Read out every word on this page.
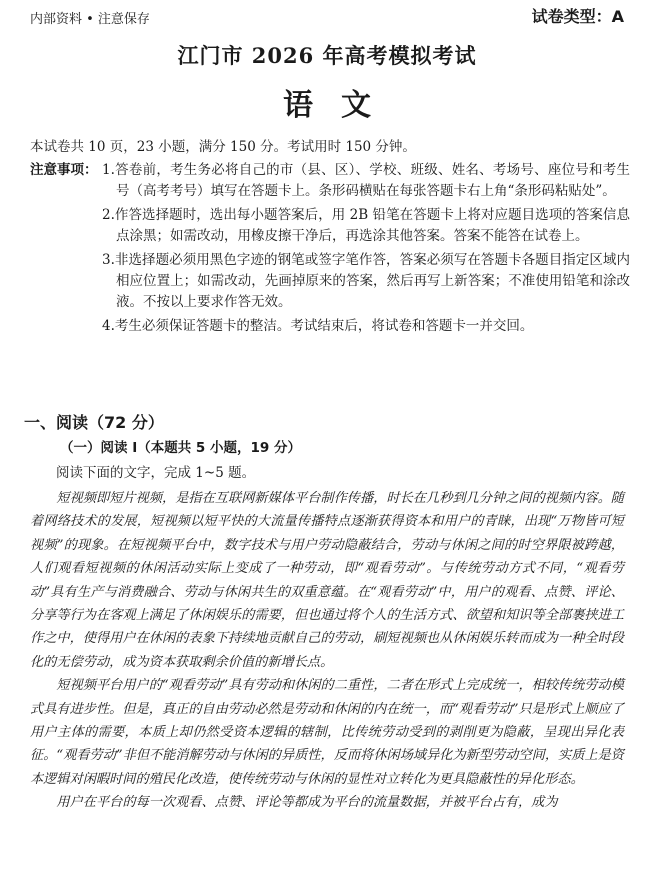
内部资料 • 注意保存	试卷类型：A
江门市 2026 年高考模拟考试
语文
本试卷共 10 页，23 小题，满分 150 分。考试用时 150 分钟。
注意事项： 1.答卷前，考生务必将自己的市（县、区）、学校、班级、姓名、考场号、座位号和考生号（高考考号）填写在答题卡上。条形码横贴在每张答题卡右上角“条形码粘贴处”。
2.作答选择题时，选出每小题答案后，用 2B 铅笔在答题卡上将对应题目选项的答案信息点涂黑；如需改动，用橡皮擦干净后，再选涂其他答案。答案不能答在试卷上。
3.非选择题必须用黑色字迹的钢笔或签字笔作答，答案必须写在答题卡各题目指定区域内相应位置上；如需改动，先画掉原来的答案，然后再写上新答案；不准使用铅笔和涂改液。不按以上要求作答无效。
4.考生必须保证答题卡的整洁。考试结束后，将试卷和答题卡一并交回。
一、阅读（72 分）
（一）阅读 I（本题共 5 小题，19 分）
阅读下面的文字，完成 1~5 题。

短视频即短片视频，是指在互联网新媒体平台制作传播，时长在几秒到几分钟之间的视频内容。随着网络技术的发展，短视频以短平快的大流量传播特点逐渐获得资本和用户的青睐，出现“万物皆可短视频”的现象。在短视频平台中，数字技术与用户劳动隐蔽结合，劳动与休闲之间的时空界限被跨越，人们观看短视频的休闲活动实际上变成了一种劳动，即“观看劳动”。与传统劳动方式不同，“观看劳动”具有生产与消费融合、劳动与休闲共生的双重意蕴。在“观看劳动”中，用户的观看、点赞、评论、分享等行为在客观上满足了休闲娱乐的需要，但也通过将个人的生活方式、欲望和知识等全部裹挟进工作之中，使得用户在休闲的表象下持续地贡献自己的劳动，刷短视频也从休闲娱乐转而成为一种全时段化的无偿劳动，成为资本获取剩余价值的新增长点。

短视频平台用户的“观看劳动”具有劳动和休闲的二重性，二者在形式上完成统一，相较传统劳动模式具有进步性。但是，真正的自由劳动必然是劳动和休闲的内在统一，而“观看劳动”只是形式上顺应了用户主体的需要，本质上却仍然受资本逻辑的辖制，比传统劳动受到的剥削更为隐蔽，呈现出异化表征。“观看劳动”非但不能消解劳动与休闲的异质性，反而将休闲场域异化为新型劳动空间，实质上是资本逻辑对闲暇时间的殖民化改造，使传统劳动与休闲的显性对立转化为更具隐蔽性的异化形态。

用户在平台的每一次观看、点赞、评论等都成为平台的流量数据，并被平台占有，成为
